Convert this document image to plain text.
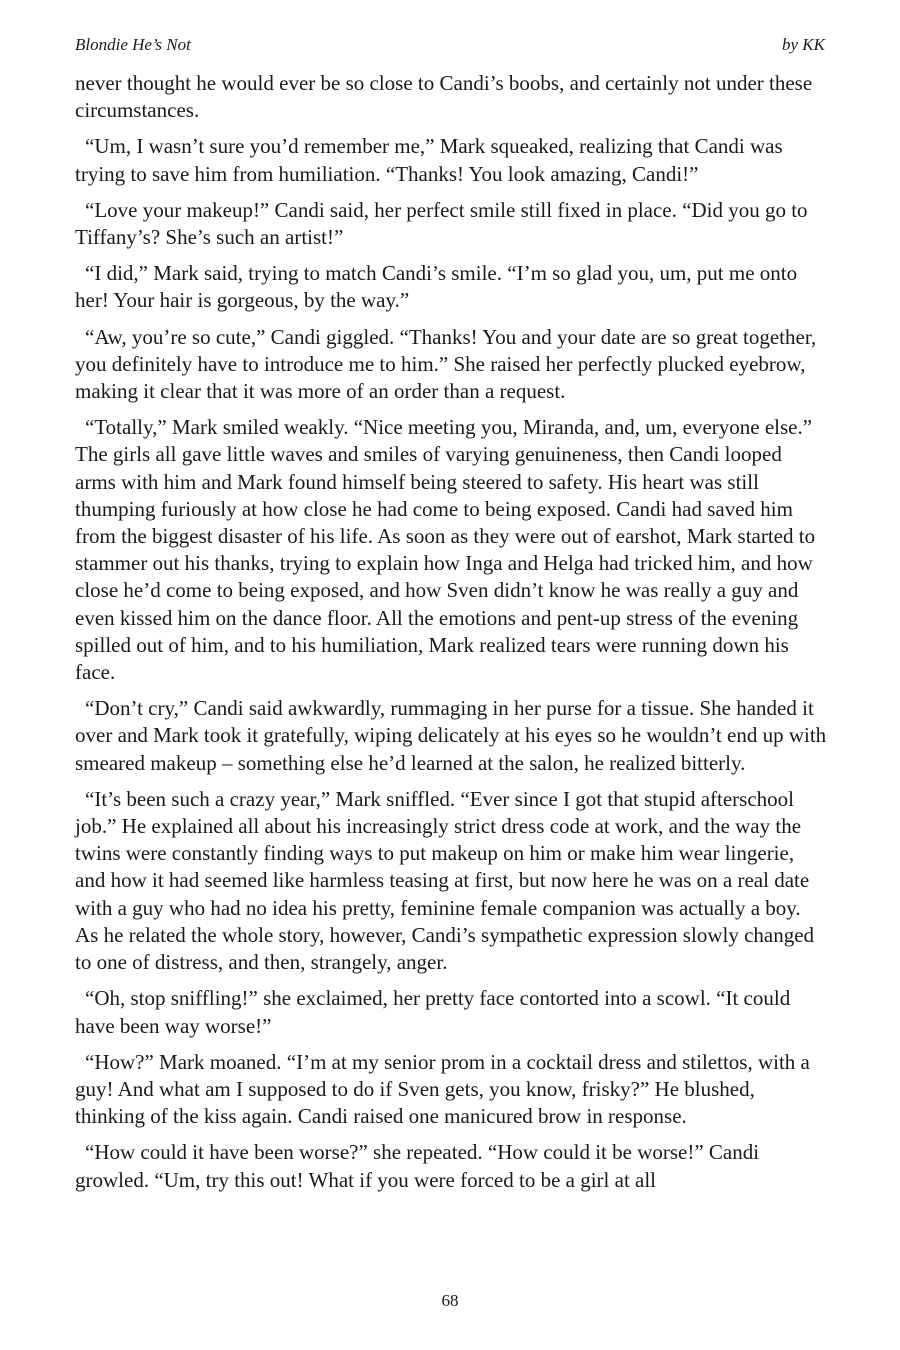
Blondie He’s Not	by KK

never thought he would ever be so close to Candi’s boobs, and certainly not under these circumstances.

“Um, I wasn’t sure you’d remember me,” Mark squeaked, realizing that Candi was trying to save him from humiliation. “Thanks! You look amazing, Candi!”

“Love your makeup!” Candi said, her perfect smile still fixed in place. “Did you go to Tiffany’s? She’s such an artist!”

“I did,” Mark said, trying to match Candi’s smile. “I’m so glad you, um, put me onto her! Your hair is gorgeous, by the way.”

“Aw, you’re so cute,” Candi giggled. “Thanks! You and your date are so great together, you definitely have to introduce me to him.” She raised her perfectly plucked eyebrow, making it clear that it was more of an order than a request.

“Totally,” Mark smiled weakly. “Nice meeting you, Miranda, and, um, everyone else.” The girls all gave little waves and smiles of varying genuineness, then Candi looped arms with him and Mark found himself being steered to safety. His heart was still thumping furiously at how close he had come to being exposed. Candi had saved him from the biggest disaster of his life. As soon as they were out of earshot, Mark started to stammer out his thanks, trying to explain how Inga and Helga had tricked him, and how close he’d come to being exposed, and how Sven didn’t know he was really a guy and even kissed him on the dance floor. All the emotions and pent-up stress of the evening spilled out of him, and to his humiliation, Mark realized tears were running down his face.

“Don’t cry,” Candi said awkwardly, rummaging in her purse for a tissue. She handed it over and Mark took it gratefully, wiping delicately at his eyes so he wouldn’t end up with smeared makeup – something else he’d learned at the salon, he realized bitterly.

“It’s been such a crazy year,” Mark sniffled. “Ever since I got that stupid afterschool job.” He explained all about his increasingly strict dress code at work, and the way the twins were constantly finding ways to put makeup on him or make him wear lingerie, and how it had seemed like harmless teasing at first, but now here he was on a real date with a guy who had no idea his pretty, feminine female companion was actually a boy. As he related the whole story, however, Candi’s sympathetic expression slowly changed to one of distress, and then, strangely, anger.

“Oh, stop sniffling!” she exclaimed, her pretty face contorted into a scowl. “It could have been way worse!”

“How?” Mark moaned. “I’m at my senior prom in a cocktail dress and stilettos, with a guy! And what am I supposed to do if Sven gets, you know, frisky?” He blushed, thinking of the kiss again. Candi raised one manicured brow in response.

“How could it have been worse?” she repeated. “How could it be worse!” Candi growled. “Um, try this out! What if you were forced to be a girl at all

68
